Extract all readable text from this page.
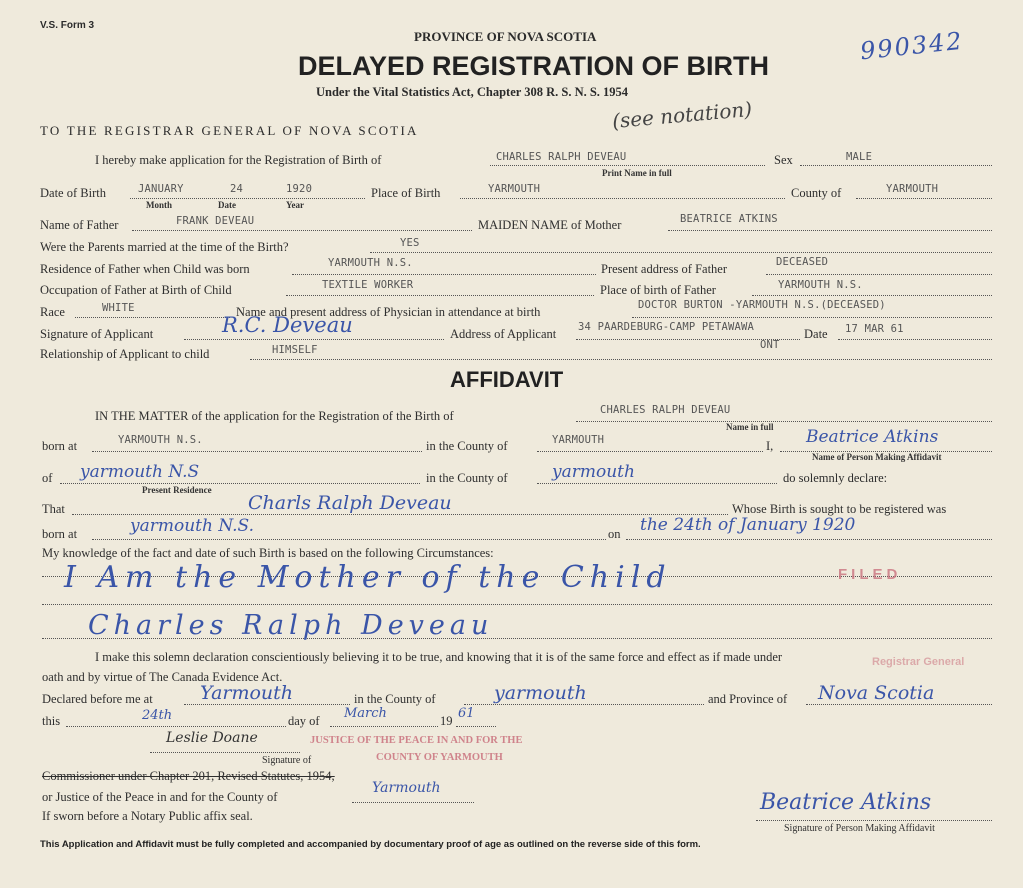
V.S. Form 3
PROVINCE OF NOVA SCOTIA
DELAYED REGISTRATION OF BIRTH
Under the Vital Statistics Act, Chapter 308 R. S. N. S. 1954
990342
(see notation)
TO THE REGISTRAR GENERAL OF NOVA SCOTIA
I hereby make application for the Registration of Birth of	CHARLES RALPH DEVEAU
Print Name in full
Sex	MALE
Date of Birth	JANUARY	24	1920
Month	Date	Year
Place of Birth	YARMOUTH	County of	YARMOUTH
Name of Father	FRANK DEVEAU	MAIDEN NAME of Mother	BEATRICE ATKINS
Were the Parents married at the time of the Birth?	YES
Residence of Father when Child was born	YARMOUTH N.S.	Present address of Father	DECEASED
Occupation of Father at Birth of Child	TEXTILE WORKER	Place of birth of Father	YARMOUTH N.S.
Race	WHITE	Name and present address of Physician in attendance at birth	DOCTOR BURTON -YARMOUTH N.S.(DECEASED)
Signature of Applicant	R.C. Deveau	Address of Applicant 34 PAARDEBURG-CAMP PETAWAWA
ONT
Date 17 MAR 61
Relationship of Applicant to child	HIMSELF
AFFIDAVIT
IN THE MATTER of the application for the Registration of the Birth of	CHARLES RALPH DEVEAU
Name in full
born at	YARMOUTH N.S.	in the County of	YARMOUTH	I, Beatrice Atkins
Name of Person Making Affidavit
of yarmouth N.S
Present Residence
in the County of	yarmouth	do solemnly declare:
That	Charls Ralph Deveau	Whose Birth is sought to be registered was
born at	yarmouth N.S.	on the 24th of January 1920
My knowledge of the fact and date of such Birth is based on the following Circumstances:
I Am the Mother of the Child
Charles Ralph Deveau
I make this solemn declaration conscientiously believing it to be true, and knowing that it is of the same force and effect as if made under
oath and by virtue of The Canada Evidence Act.
Declared before me at Yarmouth	in the County of	yarmouth	and Province of Nova Scotia
this	24th	day of March	19 61
Leslie Doane
Signature of
Commissioner under Chapter 201, Revised Statutes, 1954,
or Justice of the Peace in and for the County of
Yarmouth
If sworn before a Notary Public affix seal.
Beatrice Atkins
Signature of Person Making Affidavit
FILED
Registrar General
JUSTICE OF THE PEACE IN AND FOR THE
COUNTY OF YARMOUTH
This Application and Affidavit must be fully completed and accompanied by documentary proof of age as outlined on the reverse side of this form.
